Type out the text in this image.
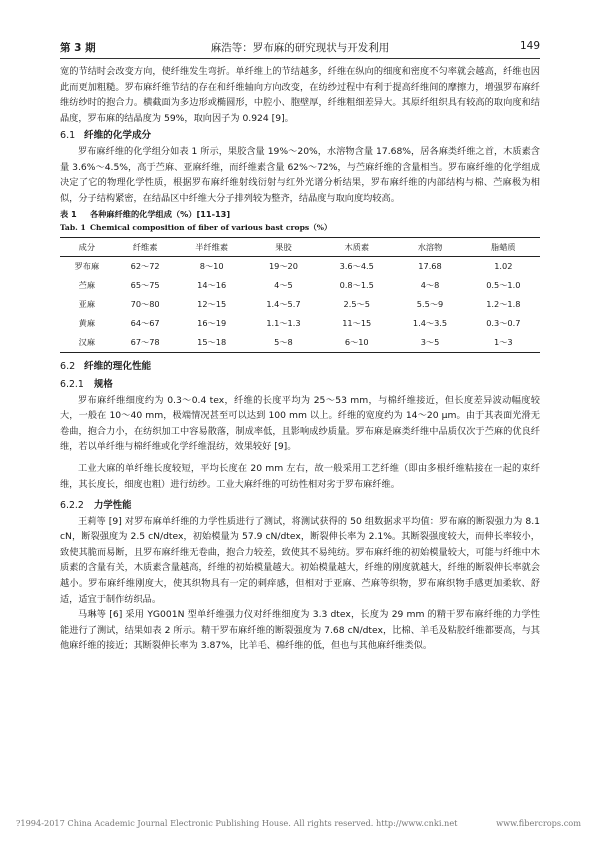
第 3 期	麻浩等：罗布麻的研究现状与开发利用	149

宽的节结时会改变方向，使纤维发生弯折。单纤维上的节结越多，纤维在纵向的细度和密度不匀率就会越高，纤维也因此而更加粗糙。罗布麻纤维节结的存在和纤维轴向方向改变，在纺纱过程中有利于提高纤维间的摩擦力，增强罗布麻纤维纺纱时的抱合力。横截面为多边形或椭圆形，中腔小、胞壁厚，纤维粗细差异大。其原纤组织具有较高的取向度和结晶度，罗布麻的结晶度为 59%，取向因子为 0.924 [9]。

6.1 纤维的化学成分

罗布麻纤维的化学组分如表 1 所示，果胶含量 19%～20%，水溶物含量 17.68%，居各麻类纤维之首，木质素含量 3.6%～4.5%，高于苎麻、亚麻纤维，而纤维素含量 62%～72%，与苎麻纤维的含量相当。罗布麻纤维的化学组成决定了它的物理化学性质，根据罗布麻纤维射线衍射与红外光谱分析结果，罗布麻纤维的内部结构与棉、苎麻极为相似，分子结构紧密，在结晶区中纤维大分子排列较为整齐，结晶度与取向度均较高。

表 1 各种麻纤维的化学组成（%）[11-13]
Tab. 1 Chemical composition of fiber of various bast crops（%）
成分	纤维素	半纤维素	果胶	木质素	水溶物	脂蜡质
罗布麻	62～72	8～10	19～20	3.6～4.5	17.68	1.02
苎麻	65～75	14～16	4～5	0.8～1.5	4～8	0.5～1.0
亚麻	70～80	12～15	1.4～5.7	2.5～5	5.5～9	1.2～1.8
黄麻	64～67	16～19	1.1～1.3	11～15	1.4～3.5	0.3～0.7
汉麻	67～78	15～18	5～8	6～10	3～5	1～3
6.2 纤维的理化性能
6.2.1 规格

罗布麻纤维细度约为 0.3～0.4 tex，纤维的长度平均为 25～53 mm，与棉纤维接近，但长度差异波动幅度较大，一般在 10～40 mm，极端情况甚至可以达到 100 mm 以上。纤维的宽度约为 14～20 μm。由于其表面光滑无卷曲，抱合力小，在纺织加工中容易散落，制成率低，且影响成纱质量。罗布麻是麻类纤维中品质仅次于苎麻的优良纤维，若以单纤维与棉纤维或化学纤维混纺，效果较好 [9]。

工业大麻的单纤维长度较短，平均长度在 20 mm 左右，故一般采用工艺纤维（即由多根纤维粘接在一起的束纤维，其长度长，细度也粗）进行纺纱。工业大麻纤维的可纺性相对劣于罗布麻纤维。

6.2.2 力学性能

王莉等 [9] 对罗布麻单纤维的力学性质进行了测试，将测试获得的 50 组数据求平均值：罗布麻的断裂强力为 8.1 cN，断裂强度为 2.5 cN/dtex，初始模量为 57.9 cN/dtex，断裂伸长率为 2.1%。其断裂强度较大，而伸长率较小，致使其脆而易断，且罗布麻纤维无卷曲，抱合力较差，致使其不易纯纺。罗布麻纤维的初始模量较大，可能与纤维中木质素的含量有关，木质素含量越高，纤维的初始模量越大。初始模量越大，纤维的刚度就越大，纤维的断裂伸长率就会越小。罗布麻纤维刚度大，使其织物具有一定的刺痒感，但相对于亚麻、苎麻等织物，罗布麻织物手感更加柔软、舒适，适宜于制作纺织品。

马琳等 [6] 采用 YG001N 型单纤维强力仪对纤维细度为 3.3 dtex，长度为 29 mm 的精干罗布麻纤维的力学性能进行了测试，结果如表 2 所示。精干罗布麻纤维的断裂强度为 7.68 cN/dtex，比棉、羊毛及粘胶纤维都要高，与其他麻纤维的接近；其断裂伸长率为 3.87%，比羊毛、棉纤维的低，但也与其他麻纤维类似。

?1994-2017 China Academic Journal Electronic Publishing House. All rights reserved. http://www.cnki.net	www.fibercrops.com
